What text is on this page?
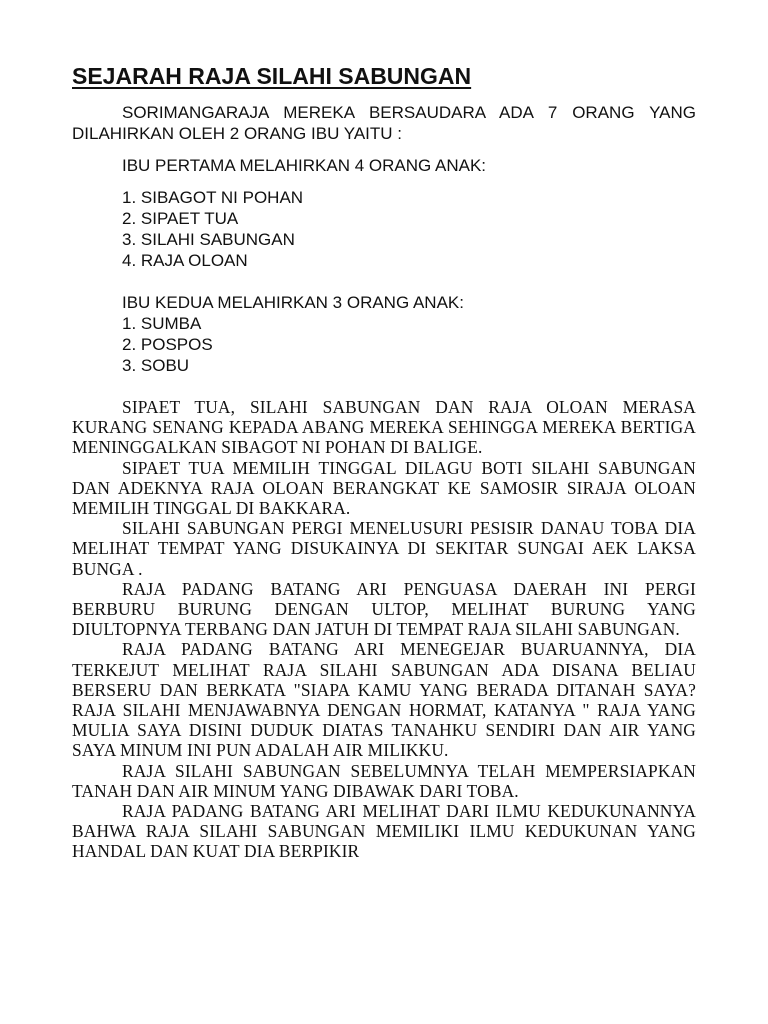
SEJARAH RAJA SILAHI SABUNGAN

SORIMANGARAJA MEREKA BERSAUDARA ADA 7 ORANG YANG DILAHIRKAN OLEH 2 ORANG IBU YAITU :

IBU PERTAMA MELAHIRKAN 4 ORANG ANAK:

1. SIBAGOT NI POHAN
2. SIPAET TUA
3. SILAHI SABUNGAN
4. RAJA OLOAN

IBU KEDUA MELAHIRKAN 3 ORANG ANAK:

1. SUMBA
2. POSPOS
3. SOBU

SIPAET TUA, SILAHI SABUNGAN DAN RAJA OLOAN MERASA KURANG SENANG KEPADA ABANG MEREKA SEHINGGA MEREKA BERTIGA MENINGGALKAN SIBAGOT NI POHAN DI BALIGE.

SIPAET TUA MEMILIH TINGGAL DILAGU BOTI SILAHI SABUNGAN DAN ADEKNYA RAJA OLOAN BERANGKAT KE SAMOSIR SIRAJA OLOAN MEMILIH TINGGAL DI BAKKARA.

SILAHI SABUNGAN PERGI MENELUSURI PESISIR DANAU TOBA DIA MELIHAT TEMPAT YANG DISUKAINYA DI SEKITAR SUNGAI AEK LAKSA BUNGA .

RAJA PADANG BATANG ARI PENGUASA DAERAH INI PERGI BERBURU BURUNG DENGAN ULTOP, MELIHAT BURUNG YANG DIULTOPNYA TERBANG DAN JATUH DI TEMPAT RAJA SILAHI SABUNGAN.

RAJA PADANG BATANG ARI MENEGEJAR BUARUANNYA, DIA TERKEJUT MELIHAT RAJA SILAHI SABUNGAN ADA DISANA BELIAU BERSERU DAN BERKATA "SIAPA KAMU YANG BERADA DITANAH SAYA? RAJA SILAHI MENJAWABNYA DENGAN HORMAT, KATANYA " RAJA YANG MULIA SAYA DISINI DUDUK DIATAS TANAHKU SENDIRI DAN AIR YANG SAYA MINUM INI PUN ADALAH AIR MILIKKU.

RAJA SILAHI SABUNGAN SEBELUMNYA TELAH MEMPERSIAPKAN TANAH DAN AIR MINUM YANG DIBAWAK DARI TOBA.

RAJA PADANG BATANG ARI MELIHAT DARI ILMU KEDUKUNANNYA BAHWA RAJA SILAHI SABUNGAN MEMILIKI ILMU KEDUKUNAN YANG HANDAL DAN KUAT DIA BERPIKIR
